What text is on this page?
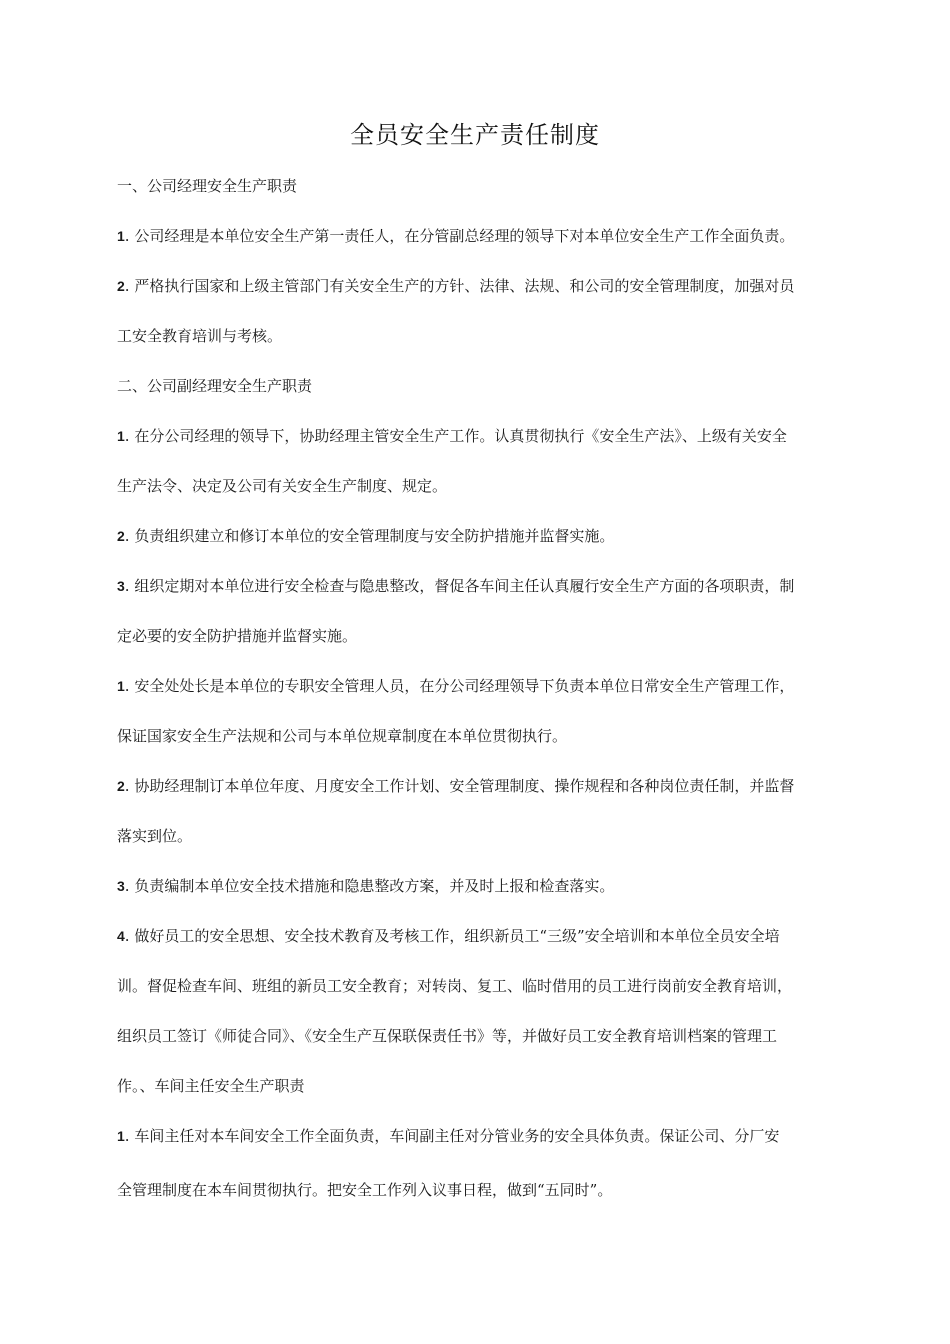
全员安全生产责任制度
一、公司经理安全生产职责
1. 公司经理是本单位安全生产第一责任人，在分管副总经理的领导下对本单位安全生产工作全面负责。
2. 严格执行国家和上级主管部门有关安全生产的方针、法律、法规、和公司的安全管理制度，加强对员
工安全教育培训与考核。
二、公司副经理安全生产职责
1. 在分公司经理的领导下，协助经理主管安全生产工作。认真贯彻执行《安全生产法》、上级有关安全
生产法令、决定及公司有关安全生产制度、规定。
2. 负责组织建立和修订本单位的安全管理制度与安全防护措施并监督实施。
3. 组织定期对本单位进行安全检查与隐患整改，督促各车间主任认真履行安全生产方面的各项职责，制
定必要的安全防护措施并监督实施。
1. 安全处处长是本单位的专职安全管理人员，在分公司经理领导下负责本单位日常安全生产管理工作，
保证国家安全生产法规和公司与本单位规章制度在本单位贯彻执行。
2. 协助经理制订本单位年度、月度安全工作计划、安全管理制度、操作规程和各种岗位责任制，并监督
落实到位。
3. 负责编制本单位安全技术措施和隐患整改方案，并及时上报和检查落实。
4. 做好员工的安全思想、安全技术教育及考核工作，组织新员工“三级”安全培训和本单位全员安全培
训。督促检查车间、班组的新员工安全教育；对转岗、复工、临时借用的员工进行岗前安全教育培训，
组织员工签订《师徒合同》、《安全生产互保联保责任书》等，并做好员工安全教育培训档案的管理工
作。、车间主任安全生产职责
1. 车间主任对本车间安全工作全面负责，车间副主任对分管业务的安全具体负责。保证公司、分厂安
全管理制度在本车间贯彻执行。把安全工作列入议事日程，做到“五同时”。
